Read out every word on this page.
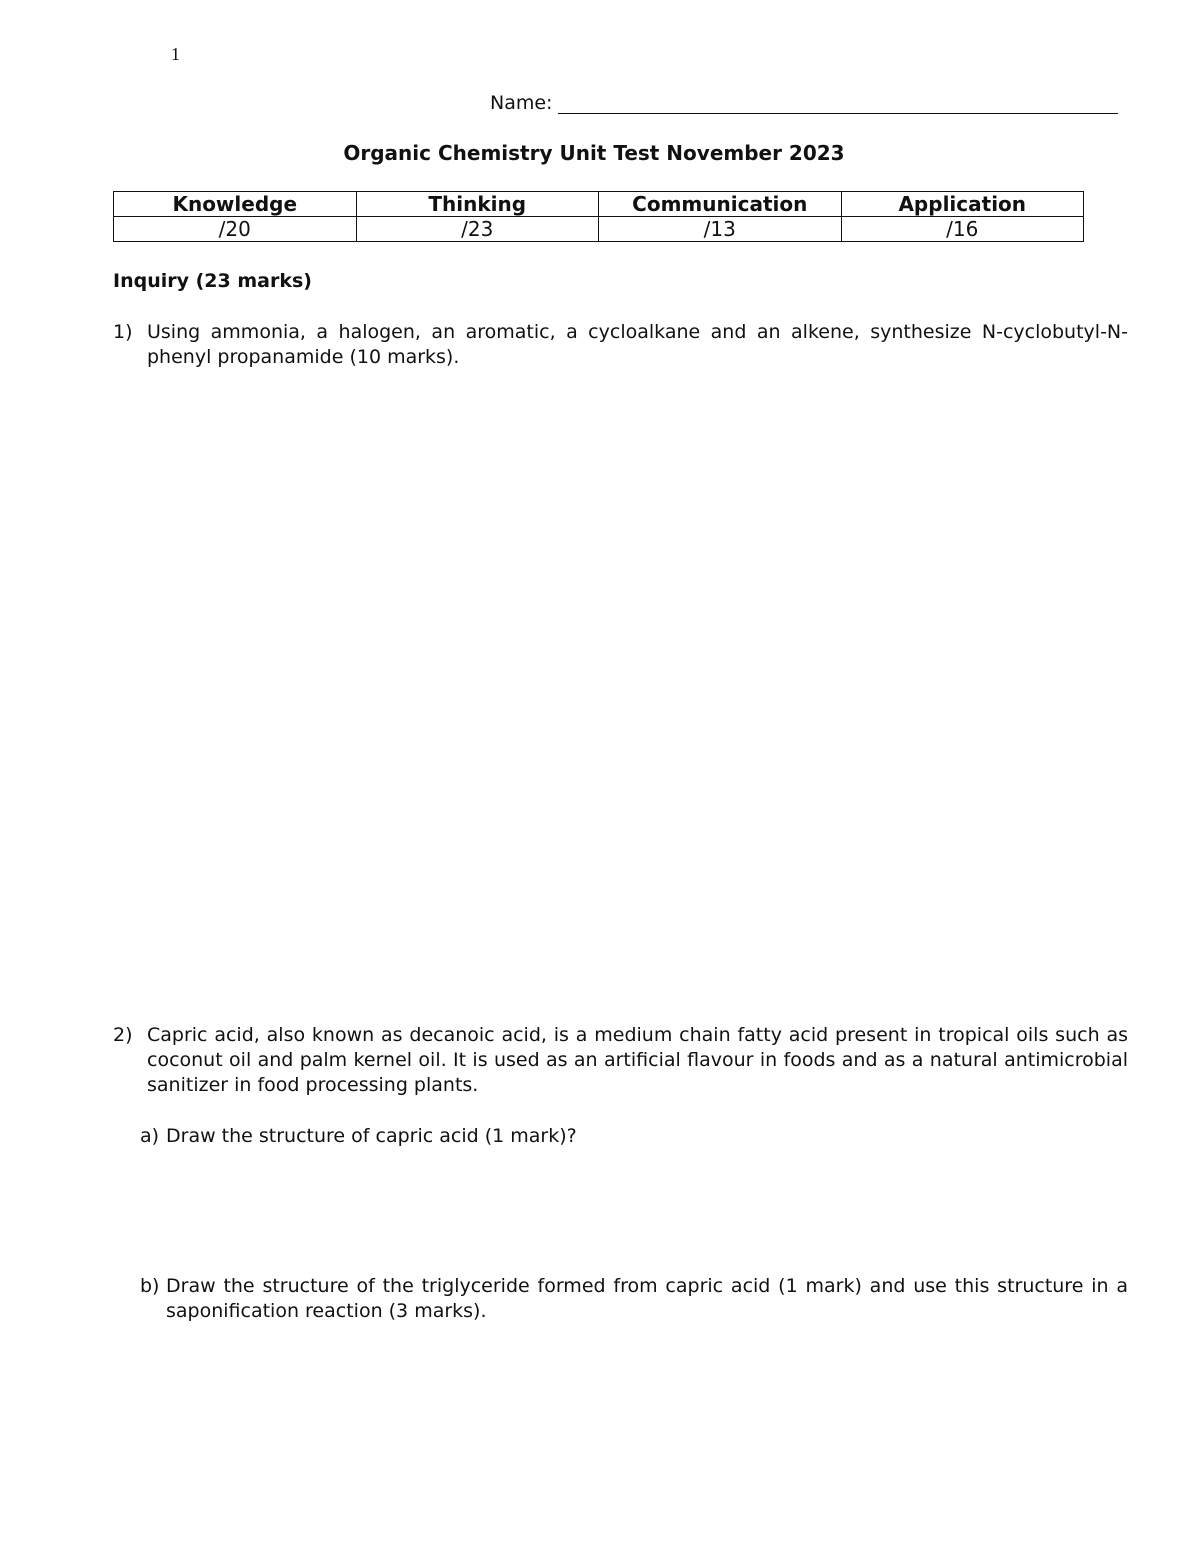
1
Name:
Organic Chemistry Unit Test November 2023
Knowledge	Thinking	Communication	Application
/20	/23	/13	/16
Inquiry (23 marks)
1) Using ammonia, a halogen, an aromatic, a cycloalkane and an alkene, synthesize N-cyclobutyl-N-phenyl propanamide (10 marks).
2) Capric acid, also known as decanoic acid, is a medium chain fatty acid present in tropical oils such as coconut oil and palm kernel oil. It is used as an artificial flavour in foods and as a natural antimicrobial sanitizer in food processing plants.
a) Draw the structure of capric acid (1 mark)?
b) Draw the structure of the triglyceride formed from capric acid (1 mark) and use this structure in a saponification reaction (3 marks).
